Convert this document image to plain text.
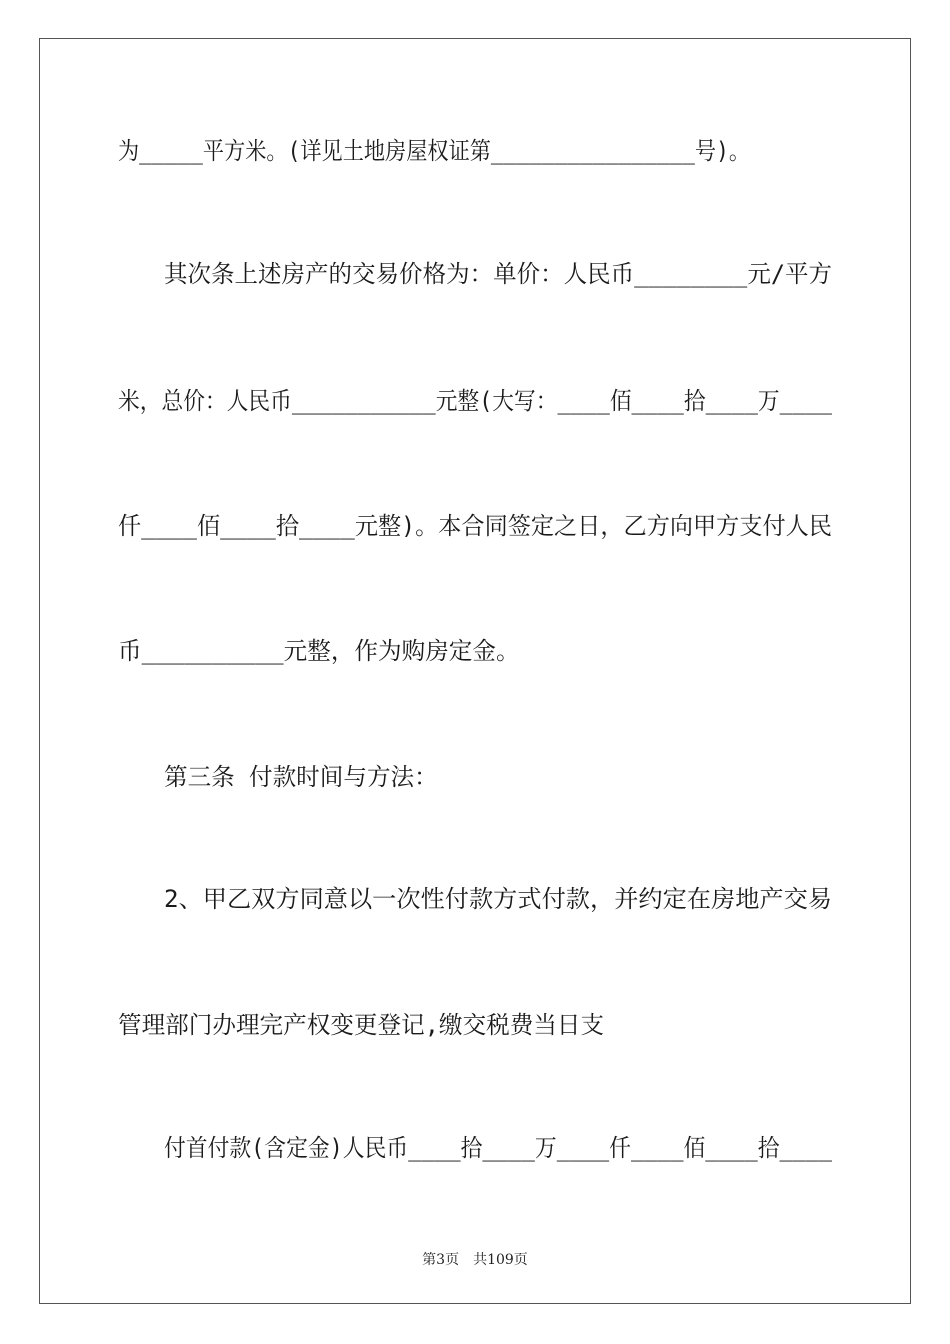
为_____平方米。(详见土地房屋权证第________________号)。
其次条上述房产的交易价格为：单价：人民币________元/平方
米，总价：人民币___________元整(大写：____佰____拾____万____
仟____佰____拾____元整)。本合同签定之日，乙方向甲方支付人民
币__________元整，作为购房定金。
第三条 付款时间与方法：
2、甲乙双方同意以一次性付款方式付款，并约定在房地产交易
管理部门办理完产权变更登记,缴交税费当日支
付首付款(含定金)人民币____拾____万____仟____佰____拾____
第3页　共109页
